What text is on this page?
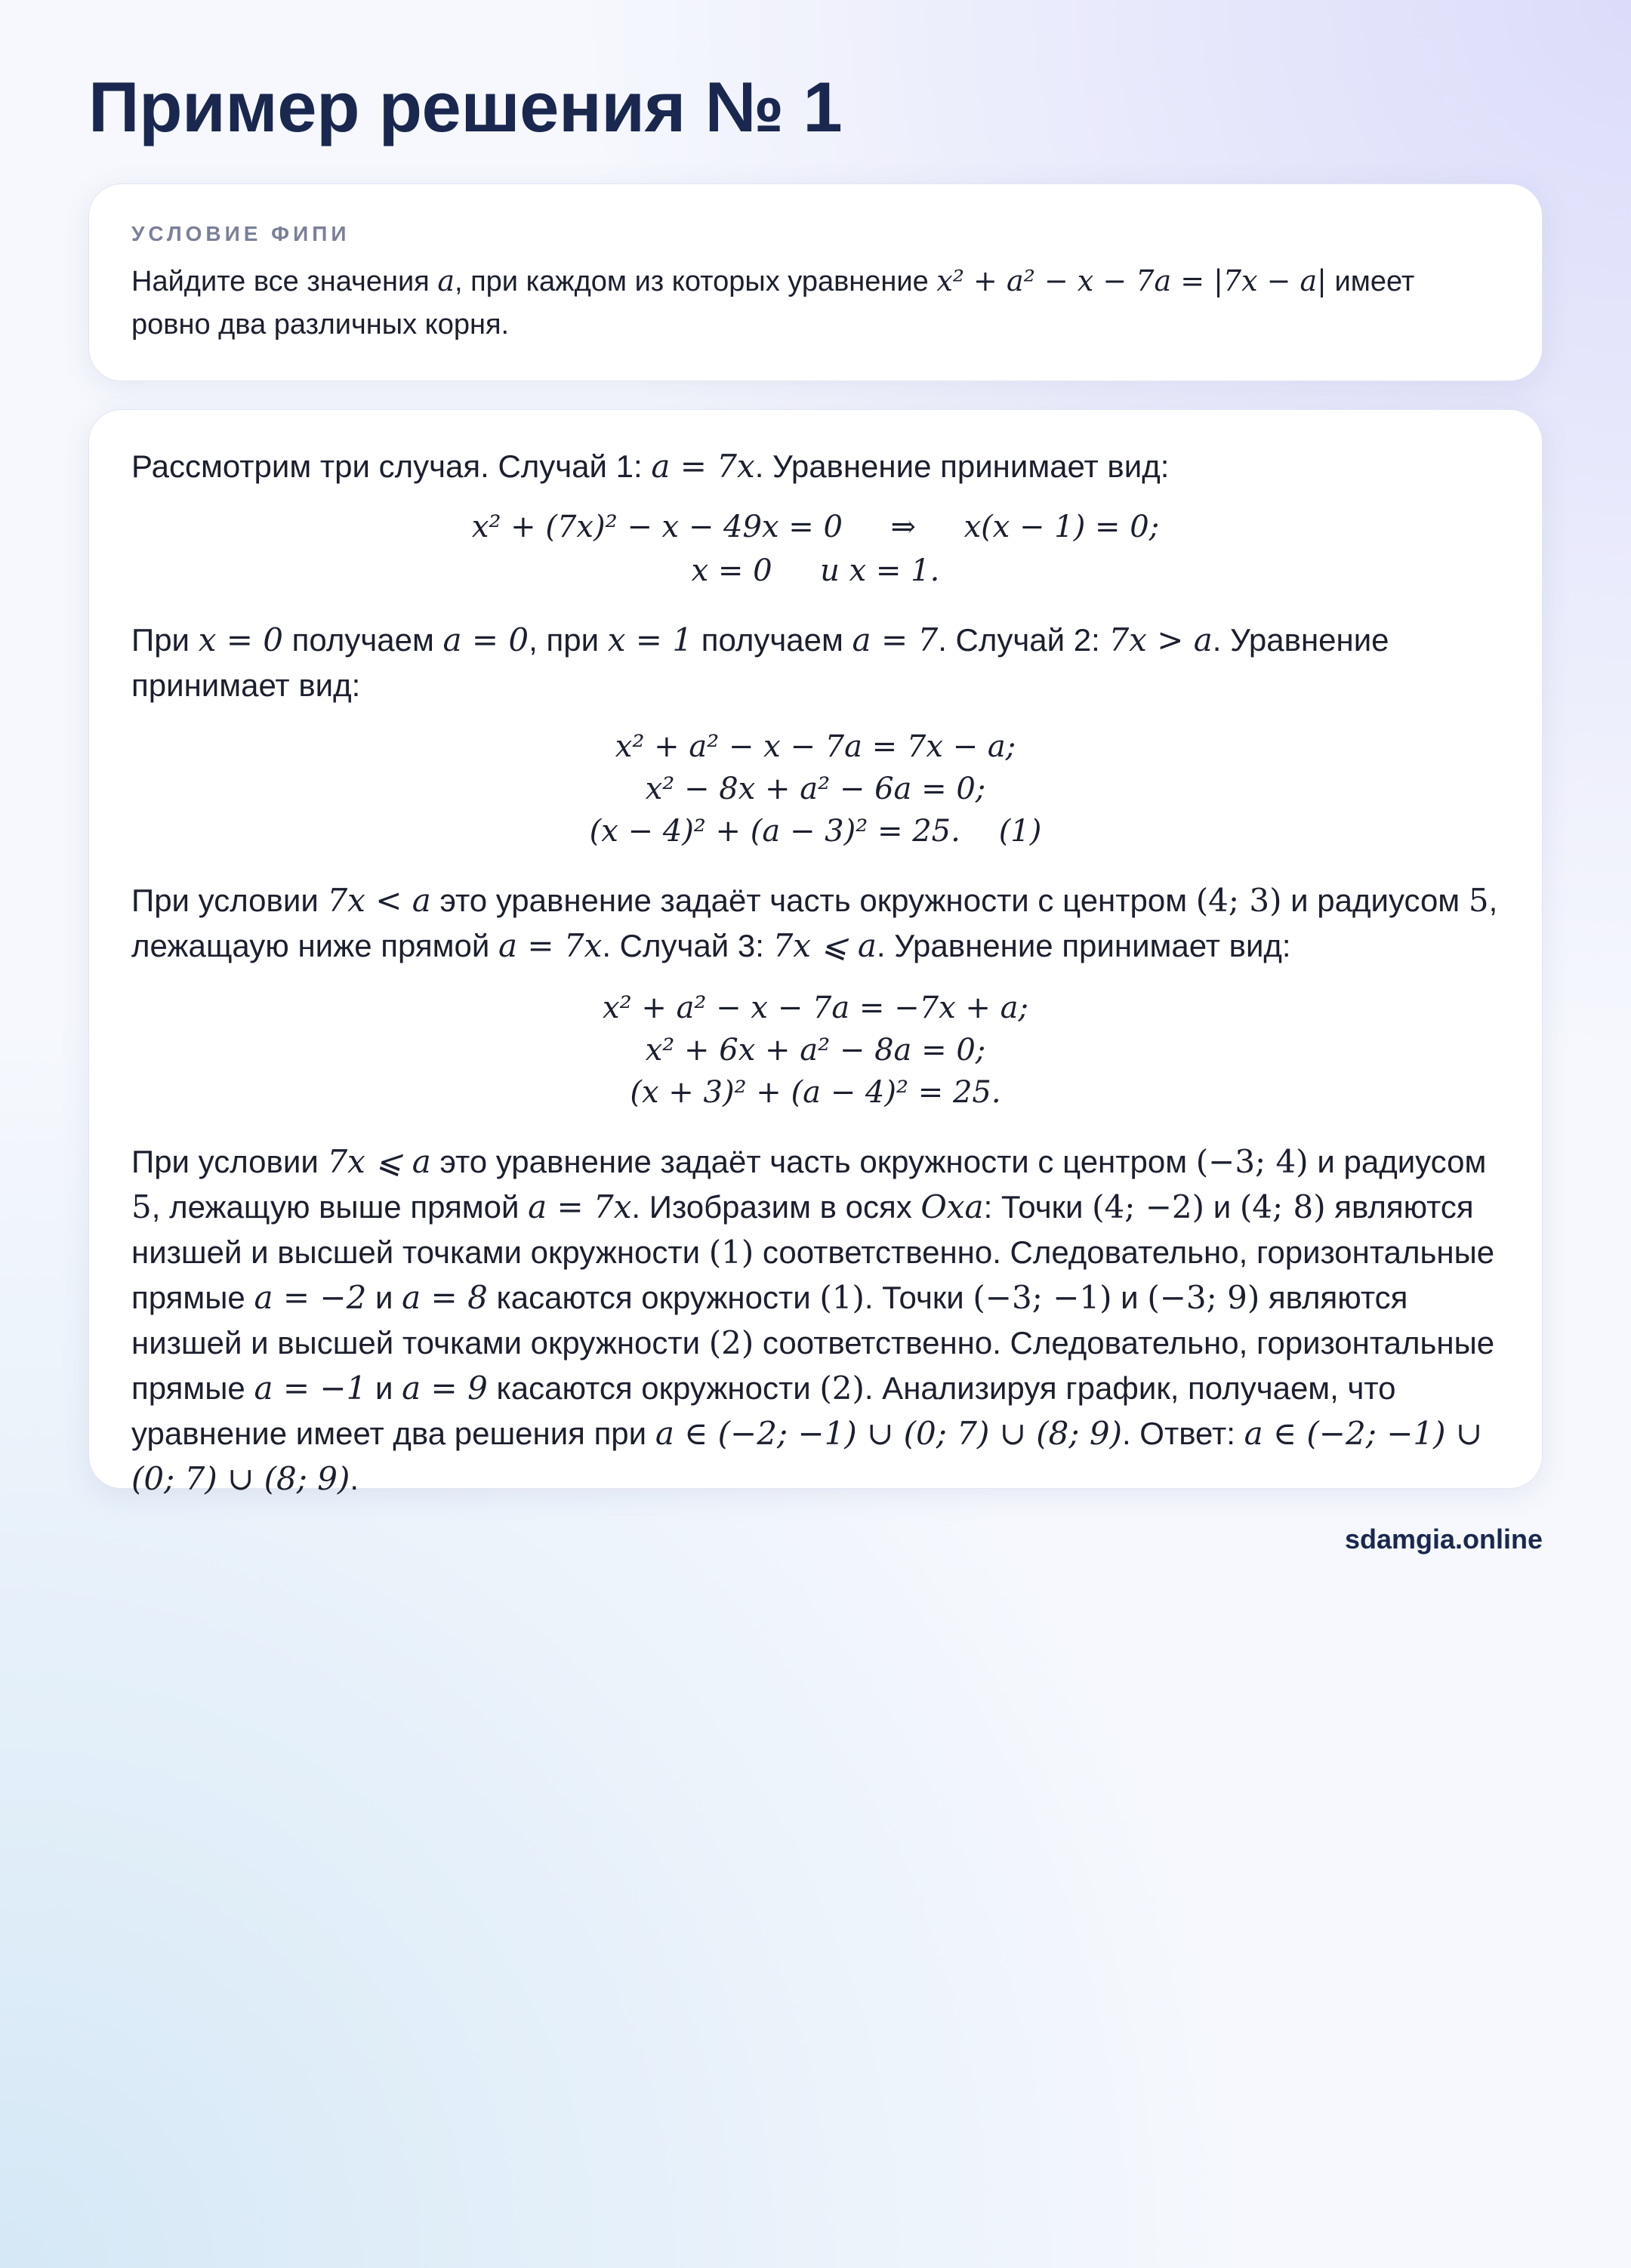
Пример решения № 1
УСЛОВИЕ ФИПИ
Найдите все значения a, при каждом из которых уравнение x² + a² − x − 7a = |7x − a| имеет ровно два различных корня.
Рассмотрим три случая. Случай 1: a = 7x. Уравнение принимает вид:
x² + (7x)² − x − 49x = 0     ⇒     x(x − 1) = 0;
x = 0     и x = 1.
При x = 0 получаем a = 0, при x = 1 получаем a = 7. Случай 2: 7x > a. Уравнение принимает вид:
x² + a² − x − 7a = 7x − a;
x² − 8x + a² − 6a = 0;
(x − 4)² + (a − 3)² = 25.    (1)
При условии 7x < a это уравнение задаёт часть окружности с центром (4; 3) и радиусом 5, лежащаую ниже прямой a = 7x. Случай 3: 7x ⩽ a. Уравнение принимает вид:
x² + a² − x − 7a = −7x + a;
x² + 6x + a² − 8a = 0;
(x + 3)² + (a − 4)² = 25.
При условии 7x ⩽ a это уравнение задаёт часть окружности с центром (−3; 4) и радиусом 5, лежащую выше прямой a = 7x. Изобразим в осях Oxa: Точки (4; −2) и (4; 8) являются низшей и высшей точками окружности (1) соответственно. Следовательно, горизонтальные прямые a = −2 и a = 8 касаются окружности (1). Точки (−3; −1) и (−3; 9) являются низшей и высшей точками окружности (2) соответственно. Следовательно, горизонтальные прямые a = −1 и a = 9 касаются окружности (2). Анализируя график, получаем, что уравнение имеет два решения при a ∈ (−2; −1) ∪ (0; 7) ∪ (8; 9). Ответ: a ∈ (−2; −1) ∪ (0; 7) ∪ (8; 9).
sdamgia.online
